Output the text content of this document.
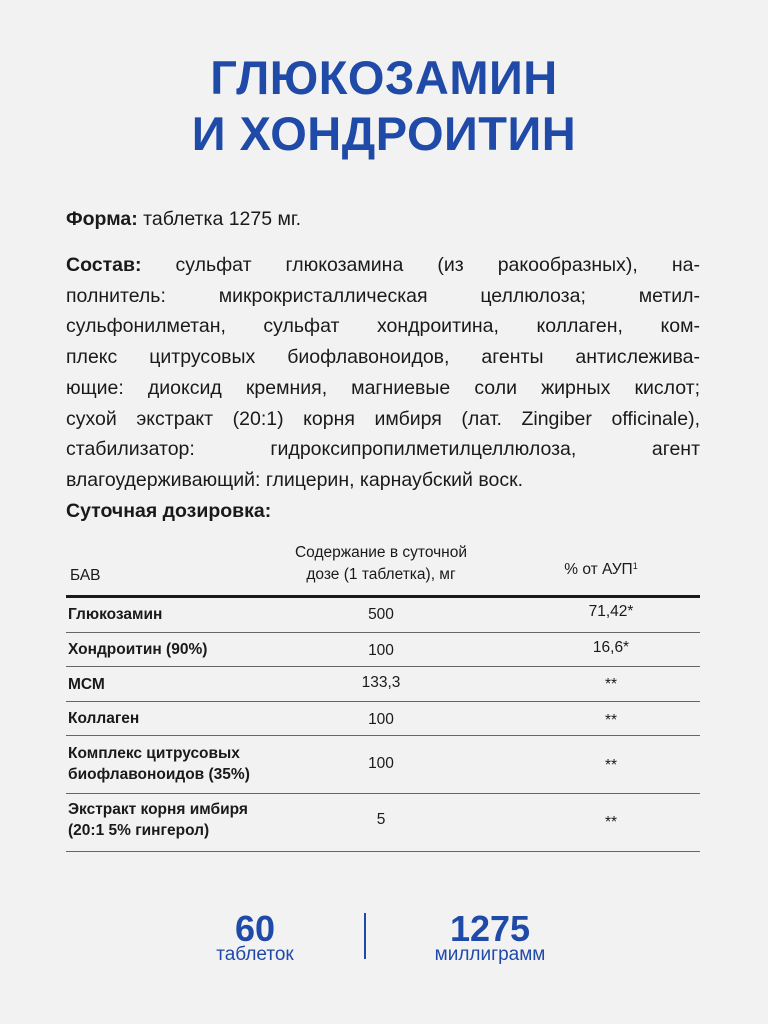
ГЛЮКОЗАМИН
И ХОНДРОИТИН
Форма: таблетка 1275 мг.
Состав: сульфат глюкозамина (из ракообразных), на-
полнитель: микрокристаллическая целлюлоза; метил-
сульфонилметан, сульфат хондроитина, коллаген, ком-
плекс цитрусовых биофлавоноидов, агенты антислежива-
ющие: диоксид кремния, магниевые соли жирных кислот;
сухой экстракт (20:1) корня имбиря (лат. Zingiber officinale),
стабилизатор: гидроксипропилметилцеллюлоза, агент
влагоудерживающий: глицерин, карнаубский воск.
Суточная дозировка:
БАВ
Содержание в суточной
дозе (1 таблетка), мг	% от АУП$^1$
Глюкозамин	500	71,42*
Хондроитин (90%)	100	16,6*
МСМ	133,3	**
Коллаген	100	**
Комплекс цитрусовых
биофлавоноидов (35%)
100	**
Экстракт корня имбиря
(20:1 5% гингерол)
5	**
60
таблеток
1275
миллиграмм
